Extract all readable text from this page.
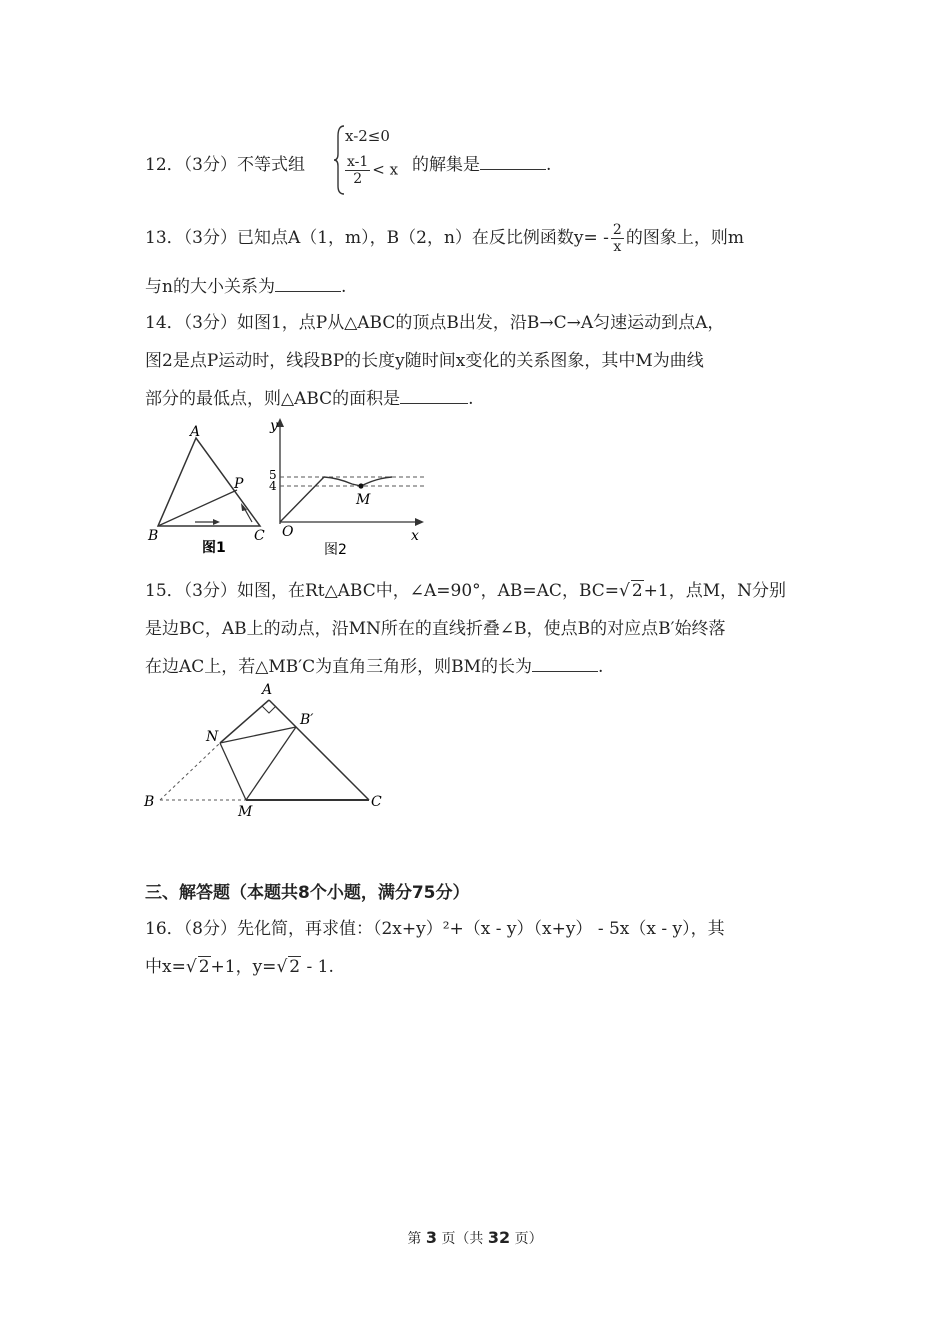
12．（3分）不等式组
x-2≤0
$\frac{x-1}{2} < x$ 的解集是	.
13．（3分）已知点A（1，m），B（2，n）在反比例函数$y= - \frac{2}{x}$ 的图象上，则m
与n的大小关系为	.
14．（3分）如图1，点P从△ABC的顶点B出发，沿B→C→A匀速运动到点A，
图2是点P运动时，线段BP的长度y随时间x变化的关系图象，其中M为曲线
部分的最低点，则△ABC的面积是	.
A
B	C
P
图1
y
x
O
M
5
4
图2
15．（3分）如图，在Rt△ABC中，∠A=90°，AB=AC，BC=√ 2+1，点M，N分别
是边BC，AB上的动点，沿MN所在的直线折叠∠B，使点B的对应点B′始终落
在边AC上，若△MB′C为直角三角形，则BM的长为	.
A
B
B′
C
M
N
三、解答题（本题共8个小题，满分75分）
16．（8分）先化简，再求值：（2x+y）²+（x - y）（x+y） - 5x（x - y），其
中x=√ 2+1，y=√ 2 - 1.
第 3 页（共 32 页）
